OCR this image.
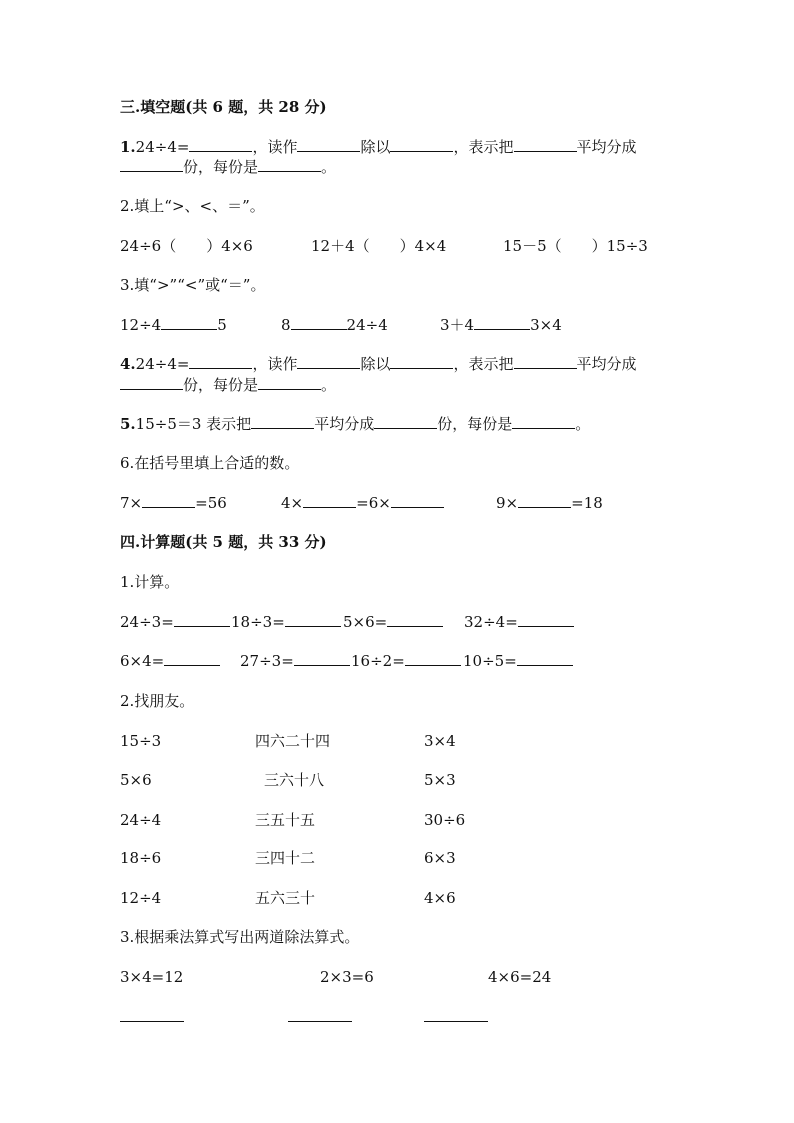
三.填空题(共 6 题，共 28 分)
1.24÷4=	，读作	除以	，表示把	平均分成
份，每份是	。
2.填上“>、<、＝”。
24÷6（　　）4×6	12＋4（　　）4×4	15－5（　　）15÷3
3.填“>”“<”或“＝”。
12÷4	5	8	24÷4	3＋4	3×4
4.24÷4=	，读作	除以	，表示把	平均分成
份，每份是	。
5.15÷5＝3 表示把	平均分成	份，每份是	。
6.在括号里填上合适的数。
7×	=56	4×	=6×	9×	=18
四.计算题(共 5 题，共 33 分)
1.计算。
24÷3=	18÷3=	5×6=	32÷4=
6×4=	27÷3=	16÷2=	10÷5=
2.找朋友。
15÷3	四六二十四	3×4
5×6	三六十八	5×3
24÷4	三五十五	30÷6
18÷6	三四十二	6×3
12÷4	五六三十	4×6
3.根据乘法算式写出两道除法算式。
3×4=12	2×3=6	4×6=24
